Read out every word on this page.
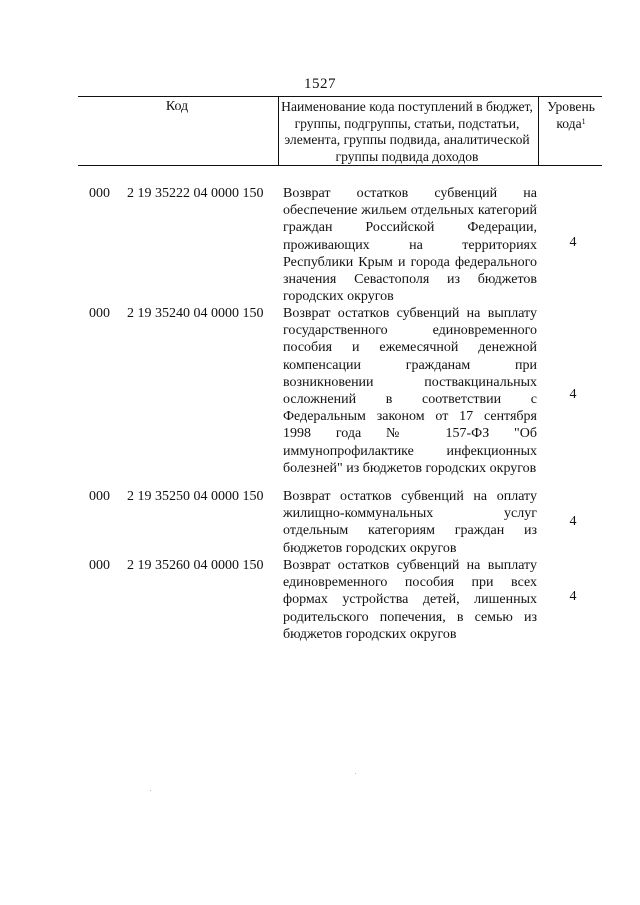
1527
Код	Наименование кода поступлений в бюджет, группы, подгруппы, статьи, подстатьи, элемента, группы подвида, аналитической группы подвида доходов
Уровень кода$^1$
000 2 19 35222 04 0000 150 Возврат остатков субвенций на обеспечение жильем отдельных категорий граждан Российской Федерации, проживающих на территориях Республики Крым и города федерального значения Севастополя из бюджетов городских округов
4
000 2 19 35240 04 0000 150 Возврат остатков субвенций на выплату государственного единовременного пособия и ежемесячной денежной компенсации гражданам при возникновении поствакцинальных осложнений в соответствии с Федеральным законом от 17 сентября 1998 года № 157-ФЗ "Об иммунопрофилактике инфекционных болезней" из бюджетов городских округов
4
000 2 19 35250 04 0000 150 Возврат остатков субвенций на оплату жилищно-коммунальных услуг отдельным категориям граждан из бюджетов городских округов
4
000 2 19 35260 04 0000 150 Возврат остатков субвенций на выплату единовременного пособия при всех формах устройства детей, лишенных родительского попечения, в семью из бюджетов городских округов
4
